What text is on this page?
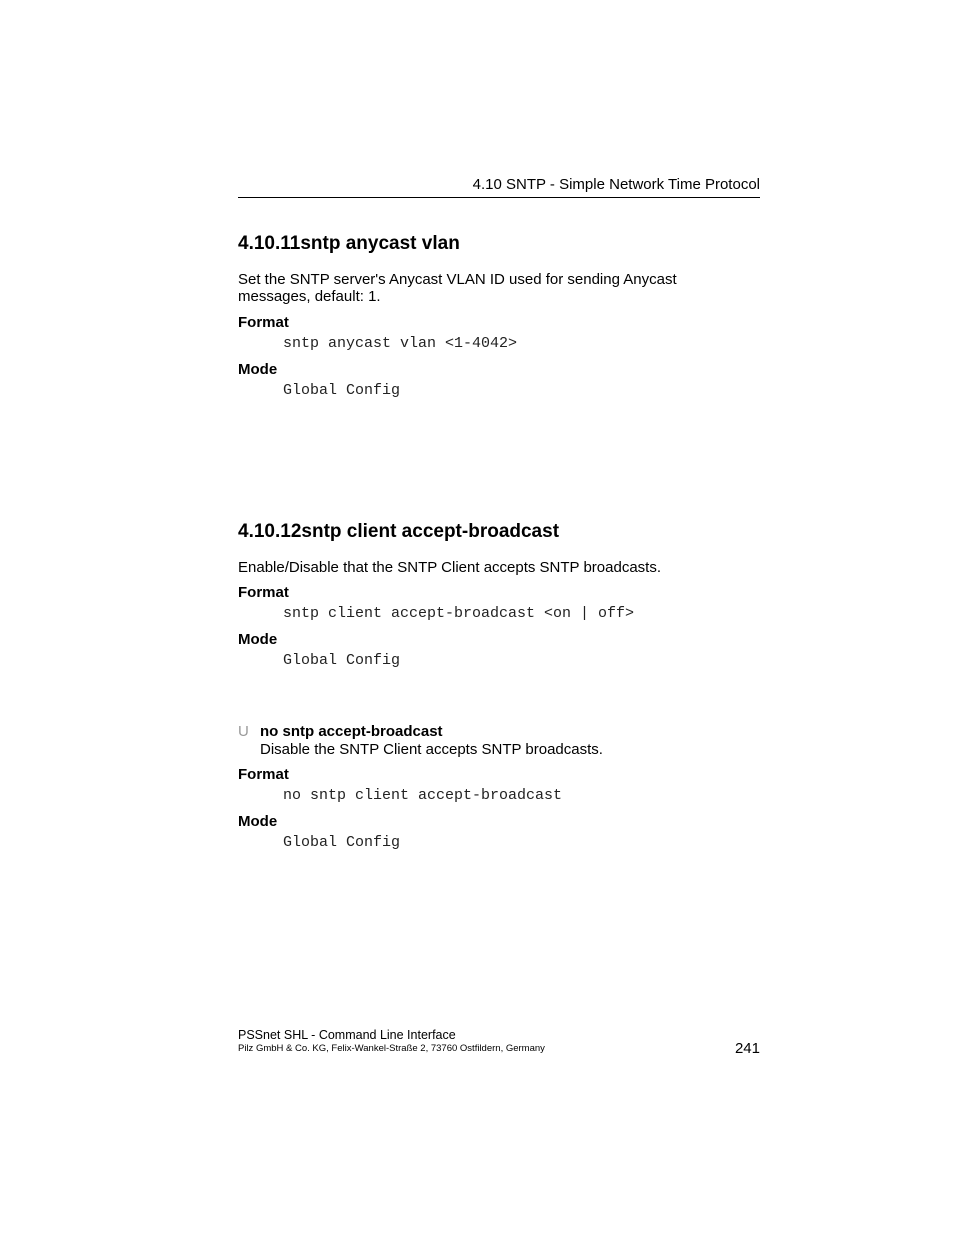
4.10 SNTP - Simple Network Time Protocol
4.10.11sntp anycast vlan
Set the SNTP server's Anycast VLAN ID used for sending Anycast
messages, default: 1.
Format
sntp anycast vlan <1-4042>
Mode
Global Config
4.10.12sntp client accept-broadcast
Enable/Disable that the SNTP Client accepts SNTP broadcasts.
Format
sntp client accept-broadcast <on | off>
Mode
Global Config
U no sntp accept-broadcast
Disable the SNTP Client accepts SNTP broadcasts.
Format
no sntp client accept-broadcast
Mode
Global Config
PSSnet SHL - Command Line Interface
Pilz GmbH & Co. KG, Felix-Wankel-Straße 2, 73760 Ostfildern, Germany	241
